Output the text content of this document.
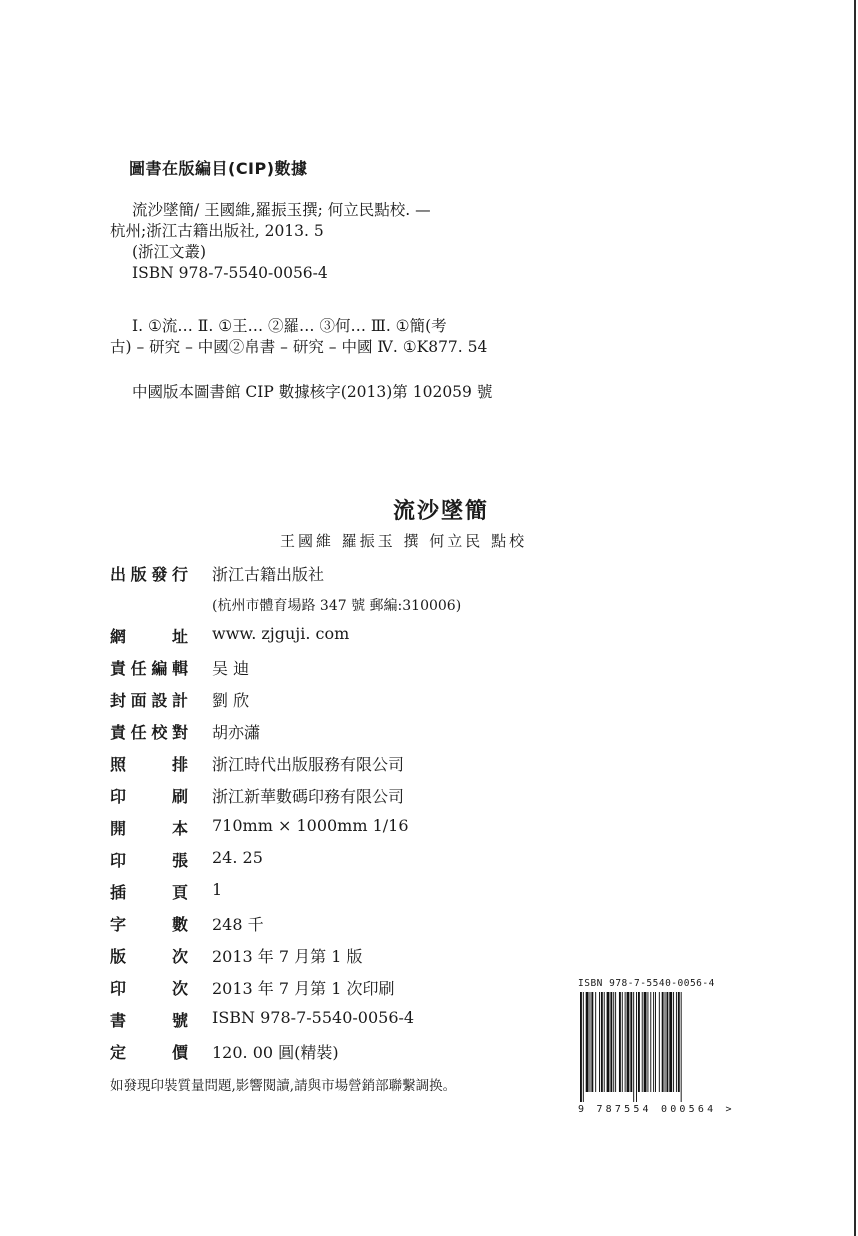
圖書在版編目(CIP)數據
流沙墜簡/ 王國維,羅振玉撰; 何立民點校. —
杭州;浙江古籍出版社, 2013. 5
(浙江文叢)
ISBN 978-7-5540-0056-4
Ⅰ. ①流… Ⅱ. ①王… ②羅… ③何… Ⅲ. ①簡(考
古) – 研究 – 中國②帛書 – 研究 – 中國 Ⅳ. ①K877. 54
中國版本圖書館 CIP 數據核字(2013)第 102059 號
流沙墜簡
王國維 羅振玉 撰 何立民 點校
出 版 發 行 浙江古籍出版社
(杭州市體育場路 347 號 郵編:310006)
網	址 www. zjguji. com
責 任 編 輯 吴 迪
封 面 設 計 劉 欣
責 任 校 對 胡亦瀟
照	排 浙江時代出版服務有限公司
印	刷 浙江新華數碼印務有限公司
開	本 710mm × 1000mm 1/16
印	張 24. 25
插	頁 1
字	數 248 千
版	次 2013 年 7 月第 1 版
印	次 2013 年 7 月第 1 次印刷
書	號 ISBN 978-7-5540-0056-4
定	價 120. 00 圓(精裝)
如發現印裝質量問題,影響閱讀,請與市場營銷部聯繫調换。
ISBN 978-7-5540-0056-4
9 787554 000564 >
